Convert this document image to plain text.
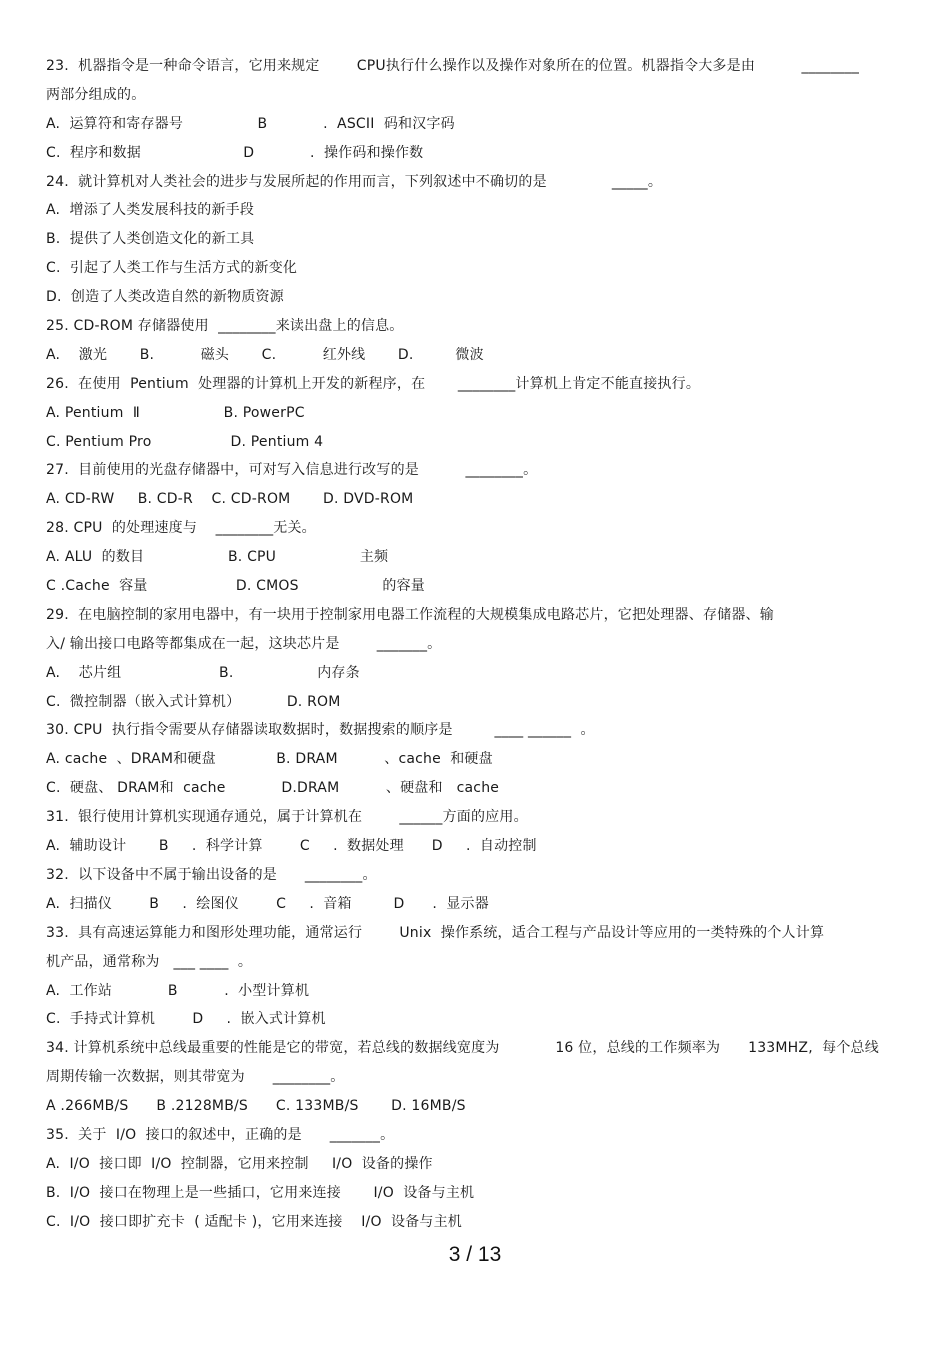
23.  机器指令是一种命令语言，它用来规定        CPU执行什么操作以及操作对象所在的位置。机器指令大多是由          ________
两部分组成的。
A.  运算符和寄存器号                B            .  ASCII  码和汉字码
C.  程序和数据                      D            .  操作码和操作数
24.  就计算机对人类社会的进步与发展所起的作用而言，下列叙述中不确切的是              _____。
A.  增添了人类发展科技的新手段
B.  提供了人类创造文化的新工具
C.  引起了人类工作与生活方式的新变化
D.  创造了人类改造自然的新物质资源
25. CD-ROM 存储器使用  ________来读出盘上的信息。
A.    激光       B.          磁头       C.          红外线       D.         微波
26.  在使用  Pentium  处理器的计算机上开发的新程序，在       ________计算机上肯定不能直接执行。
A. Pentium  Ⅱ                  B. PowerPC
C. Pentium Pro                 D. Pentium 4
27.  目前使用的光盘存储器中，可对写入信息进行改写的是          ________。
A. CD-RW     B. CD-R    C. CD-ROM       D. DVD-ROM
28. CPU  的处理速度与    ________无关。
A. ALU  的数目                  B. CPU                  主频
C .Cache  容量                   D. CMOS                  的容量
29.  在电脑控制的家用电器中，有一块用于控制家用电器工作流程的大规模集成电路芯片，它把处理器、存储器、输
入/ 输出接口电路等都集成在一起，这块芯片是        _______。
A.    芯片组                     B.                  内存条
C.  微控制器（嵌入式计算机）          D. ROM
30. CPU  执行指令需要从存储器读取数据时，数据搜索的顺序是         ____ ______  。
A. cache  、DRAM和硬盘             B. DRAM          、cache  和硬盘
C.  硬盘、 DRAM和  cache            D.DRAM          、硬盘和   cache
31.  银行使用计算机实现通存通兑，属于计算机在        ______方面的应用。
A.  辅助设计       B     .  科学计算        C     .  数据处理      D     .  自动控制
32.  以下设备中不属于输出设备的是      ________。
A.  扫描仪        B     .  绘图仪        C     .  音箱         D      .  显示器
33.  具有高速运算能力和图形处理功能，通常运行        Unix  操作系统，适合工程与产品设计等应用的一类特殊的个人计算
机产品，通常称为   ___ ____  。
A.  工作站            B          .  小型计算机
C.  手持式计算机        D     .  嵌入式计算机
34. 计算机系统中总线最重要的性能是它的带宽，若总线的数据线宽度为            16 位，总线的工作频率为      133MHZ,  每个总线
周期传输一次数据，则其带宽为      ________。
A .266MB/S      B .2128MB/S      C. 133MB/S       D. 16MB/S
35.  关于  I/O  接口的叙述中，正确的是      _______。
A.  I/O  接口即  I/O  控制器，它用来控制     I/O  设备的操作
B.  I/O  接口在物理上是一些插口，它用来连接       I/O  设备与主机
C.  I/O  接口即扩充卡  ( 适配卡 )，它用来连接    I/O  设备与主机
3 / 13
